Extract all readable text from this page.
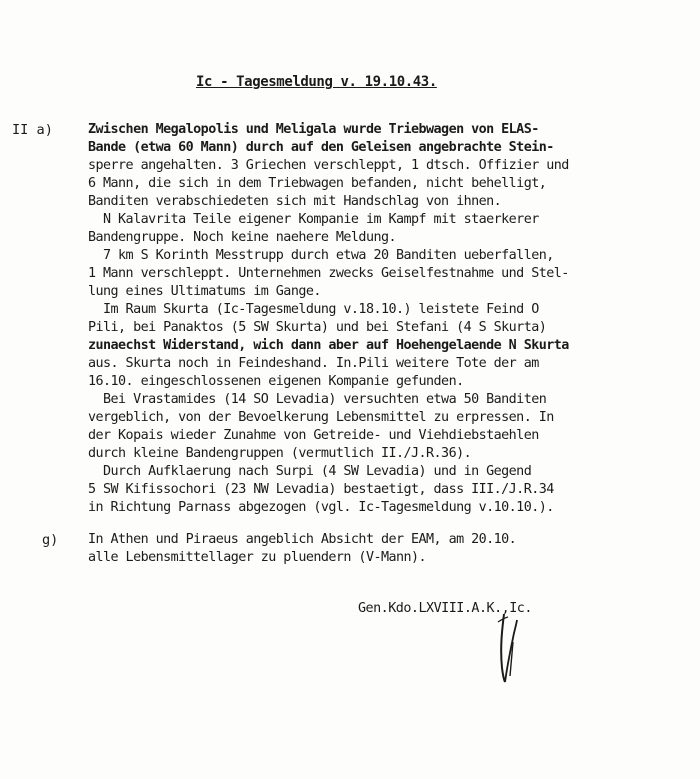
Ic - Tagesmeldung v. 19.10.43.
II a)	Zwischen Megalopolis und Meligala wurde Triebwagen von ELAS-
Bande (etwa 60 Mann) durch auf den Geleisen angebrachte Stein-
sperre angehalten. 3 Griechen verschleppt, 1 dtsch. Offizier und
6 Mann, die sich in dem Triebwagen befanden, nicht behelligt,
Banditen verabschiedeten sich mit Handschlag von ihnen.
N Kalavrita Teile eigener Kompanie im Kampf mit staerkerer
Bandengruppe. Noch keine naehere Meldung.
7 km S Korinth Messtrupp durch etwa 20 Banditen ueberfallen,
1 Mann verschleppt. Unternehmen zwecks Geiselfestnahme und Stel-
lung eines Ultimatums im Gange.
Im Raum Skurta (Ic-Tagesmeldung v.18.10.) leistete Feind O
Pili, bei Panaktos (5 SW Skurta) und bei Stefani (4 S Skurta)
zunaechst Widerstand, wich dann aber auf Hoehengelaende N Skurta
aus. Skurta noch in Feindeshand. In.Pili weitere Tote der am
16.10. eingeschlossenen eigenen Kompanie gefunden.
Bei Vrastamides (14 SO Levadia) versuchten etwa 50 Banditen
vergeblich, von der Bevoelkerung Lebensmittel zu erpressen. In
der Kopais wieder Zunahme von Getreide- und Viehdiebstaehlen
durch kleine Bandengruppen (vermutlich II./J.R.36).
Durch Aufklaerung nach Surpi (4 SW Levadia) und in Gegend
5 SW Kifissochori (23 NW Levadia) bestaetigt, dass III./J.R.34
in Richtung Parnass abgezogen (vgl. Ic-Tagesmeldung v.10.10.).
g) In Athen und Piraeus angeblich Absicht der EAM, am 20.10.
alle Lebensmittellager zu pluendern (V-Mann).
Gen.Kdo.LXVIII.A.K.,Ic.
